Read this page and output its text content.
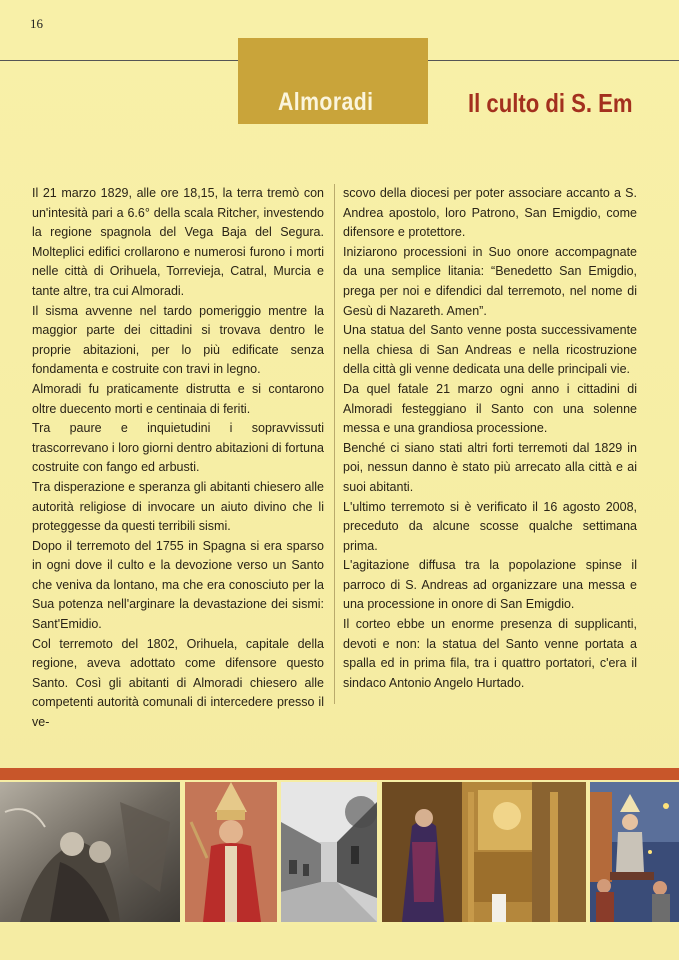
16
Almoradi	Il culto di S. Em

Il 21 marzo 1829, alle ore 18,15, la terra tremò con un'intesità pari a 6.6° della scala Ritcher, investendo la regione spagnola del Vega Baja del Segura. Molteplici edifici crollarono e numerosi furono i morti nelle città di Orihuela, Torrevieja, Catral, Murcia e tante altre, tra cui Almoradi.

Il sisma avvenne nel tardo pomeriggio mentre la maggior parte dei cittadini si trovava dentro le proprie abitazioni, per lo più edificate senza fondamenta e costruite con travi in legno.

Almoradi fu praticamente distrutta e si contarono oltre duecento morti e centinaia di feriti.

Tra paure e inquietudini i sopravvissuti trascorrevano i loro giorni dentro abitazioni di fortuna costruite con fango ed arbusti.

Tra disperazione e speranza gli abitanti chiesero alle autorità religiose di invocare un aiuto divino che li proteggesse da questi terribili sismi.

Dopo il terremoto del 1755 in Spagna si era sparso in ogni dove il culto e la devozione verso un Santo che veniva da lontano, ma che era conosciuto per la Sua potenza nell'arginare la devastazione dei sismi: Sant'Emidio.

Col terremoto del 1802, Orihuela, capitale della regione, aveva adottato come difensore questo Santo. Così gli abitanti di Almoradi chiesero alle competenti autorità comunali di intercedere presso il ve-

scovo della diocesi per poter associare accanto a S. Andrea apostolo, loro Patrono, San Emigdio, come difensore e protettore.

Iniziarono processioni in Suo onore accompagnate da una semplice litania: “Benedetto San Emigdio, prega per noi e difendici dal terremoto, nel nome di Gesù di Nazareth. Amen”.

Una statua del Santo venne posta successivamente nella chiesa di San Andreas e nella ricostruzione della città gli venne dedicata una delle principali vie.

Da quel fatale 21 marzo ogni anno i cittadini di Almoradi festeggiano il Santo con una solenne messa e una grandiosa processione.

Benché ci siano stati altri forti terremoti dal 1829 in poi, nessun danno è stato più arrecato alla città e ai suoi abitanti.

L'ultimo terremoto si è verificato il 16 agosto 2008, preceduto da alcune scosse qualche settimana prima.

L'agitazione diffusa tra la popolazione spinse il parroco di S. Andreas ad organizzare una messa e una processione in onore di San Emigdio.

Il corteo ebbe un enorme presenza di supplicanti, devoti e non: la statua del Santo venne portata a spalla ed in prima fila, tra i quattro portatori, c'era il sindaco Antonio Angelo Hurtado.
